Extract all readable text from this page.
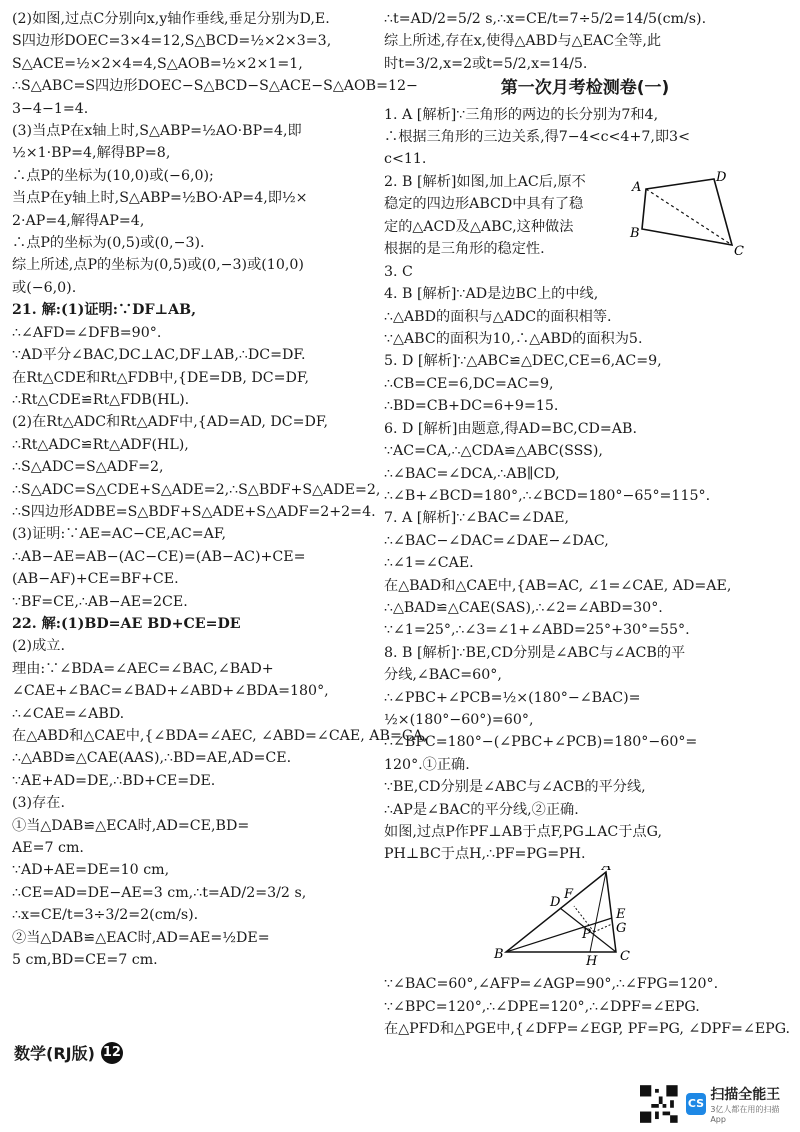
(2)如图,过点C分别向x,y轴作垂线,垂足分别为D,E.
S四边形DOEC=3×4=12,S△BCD=½×2×3=3,
S△ACE=½×2×4=4,S△AOB=½×2×1=1,
∴S△ABC=S四边形DOEC−S△BCD−S△ACE−S△AOB=12−
3−4−1=4.
(3)当点P在x轴上时,S△ABP=½AO·BP=4,即
½×1·BP=4,解得BP=8,
∴点P的坐标为(10,0)或(−6,0);
当点P在y轴上时,S△ABP=½BO·AP=4,即½×
2·AP=4,解得AP=4,
∴点P的坐标为(0,5)或(0,−3).
综上所述,点P的坐标为(0,5)或(0,−3)或(10,0)
或(−6,0).
21. 解:(1)证明:∵DF⊥AB,
∴∠AFD=∠DFB=90°.
∵AD平分∠BAC,DC⊥AC,DF⊥AB,∴DC=DF.
在Rt△CDE和Rt△FDB中,{DE=DB, DC=DF,
∴Rt△CDE≌Rt△FDB(HL).
(2)在Rt△ADC和Rt△ADF中,{AD=AD, DC=DF,
∴Rt△ADC≌Rt△ADF(HL),
∴S△ADC=S△ADF=2,
∴S△ADC=S△CDE+S△ADE=2,∴S△BDF+S△ADE=2,
∴S四边形ADBE=S△BDF+S△ADE+S△ADF=2+2=4.
(3)证明:∵AE=AC−CE,AC=AF,
∴AB−AE=AB−(AC−CE)=(AB−AC)+CE=
(AB−AF)+CE=BF+CE.
∵BF=CE,∴AB−AE=2CE.
22. 解:(1)BD=AE BD+CE=DE
(2)成立.
理由:∵∠BDA=∠AEC=∠BAC,∠BAD+
∠CAE+∠BAC=∠BAD+∠ABD+∠BDA=180°,
∴∠CAE=∠ABD.
在△ABD和△CAE中,{∠BDA=∠AEC, ∠ABD=∠CAE, AB=CA,
∴△ABD≌△CAE(AAS),∴BD=AE,AD=CE.
∵AE+AD=DE,∴BD+CE=DE.
(3)存在.
①当△DAB≌△ECA时,AD=CE,BD=
AE=7 cm.
∵AD+AE=DE=10 cm,
∴CE=AD=DE−AE=3 cm,∴t=AD/2=3/2 s,
∴x=CE/t=3÷3/2=2(cm/s).
②当△DAB≌△EAC时,AD=AE=½DE=
5 cm,BD=CE=7 cm.
∴t=AD/2=5/2 s,∴x=CE/t=7÷5/2=14/5(cm/s).
综上所述,存在x,使得△ABD与△EAC全等,此
时t=3/2,x=2或t=5/2,x=14/5.
第一次月考检测卷(一)
1. A [解析]∵三角形的两边的长分别为7和4,
∴根据三角形的三边关系,得7−4<c<4+7,即3<
c<11.
2. B [解析]如图,加上AC后,原不
稳定的四边形ABCD中具有了稳
定的△ACD及△ABC,这种做法
根据的是三角形的稳定性.
A
D
B
C
3. C
4. B [解析]∵AD是边BC上的中线,
∴△ABD的面积与△ADC的面积相等.
∵△ABC的面积为10,∴△ABD的面积为5.
5. D [解析]∵△ABC≌△DEC,CE=6,AC=9,
∴CB=CE=6,DC=AC=9,
∴BD=CB+DC=6+9=15.
6. D [解析]由题意,得AD=BC,CD=AB.
∵AC=CA,∴△CDA≌△ABC(SSS),
∴∠BAC=∠DCA,∴AB∥CD,
∴∠B+∠BCD=180°,∴∠BCD=180°−65°=115°.
7. A [解析]∵∠BAC=∠DAE,
∴∠BAC−∠DAC=∠DAE−∠DAC,
∴∠1=∠CAE.
在△BAD和△CAE中,{AB=AC, ∠1=∠CAE, AD=AE,
∴△BAD≌△CAE(SAS),∴∠2=∠ABD=30°.
∵∠1=25°,∴∠3=∠1+∠ABD=25°+30°=55°.
8. B [解析]∵BE,CD分别是∠ABC与∠ACB的平
分线,∠BAC=60°,
∴∠PBC+∠PCB=½×(180°−∠BAC)=
½×(180°−60°)=60°,
∴∠BPC=180°−(∠PBC+∠PCB)=180°−60°=
120°.①正确.
∵BE,CD分别是∠ABC与∠ACB的平分线,
∴AP是∠BAC的平分线,②正确.
如图,过点P作PF⊥AB于点F,PG⊥AC于点G,
PH⊥BC于点H,∴PF=PG=PH.
A
D
F
E
G
P
B	H C
∵∠BAC=60°,∠AFP=∠AGP=90°,∴∠FPG=120°.
∵∠BPC=120°,∴∠DPE=120°,∴∠DPF=∠EPG.
在△PFD和△PGE中,{∠DFP=∠EGP, PF=PG, ∠DPF=∠EPG.
数学(RJ版) 12
CS
扫描全能王
3亿人都在用的扫描App
